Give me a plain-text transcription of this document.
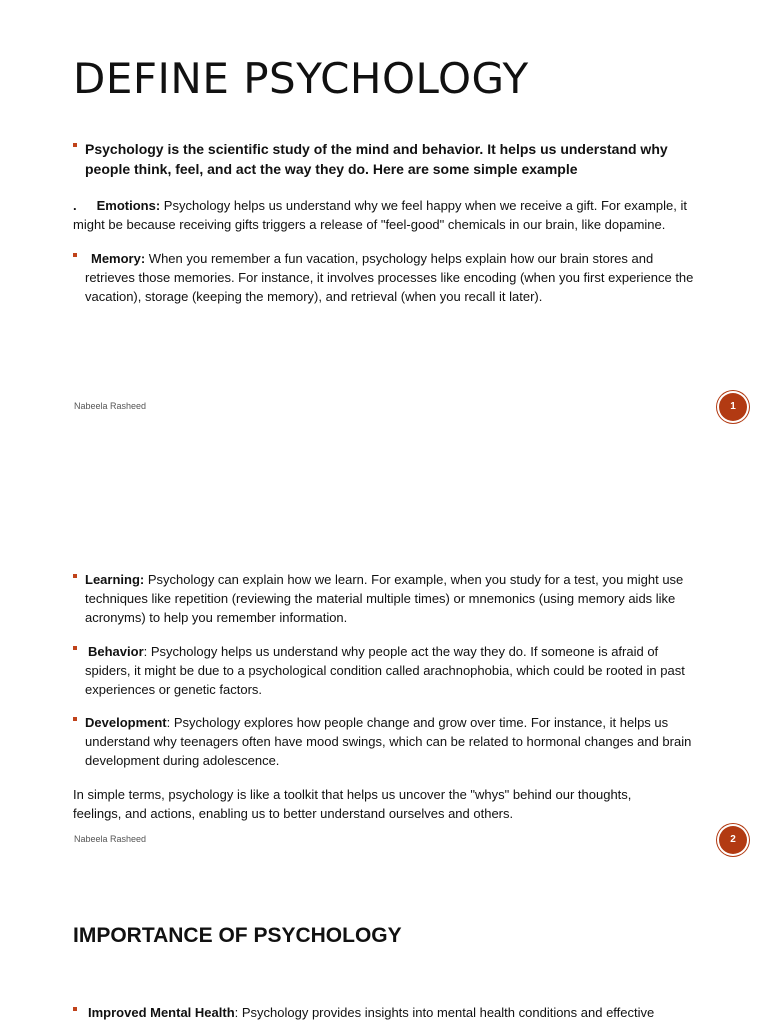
DEFINE PSYCHOLOGY

Psychology is the scientific study of the mind and behavior. It helps us understand why people think, feel, and act the way they do. Here are some simple example

. Emotions: Psychology helps us understand why we feel happy when we receive a gift. For example, it might be because receiving gifts triggers a release of "feel-good" chemicals in our brain, like dopamine.

Memory: When you remember a fun vacation, psychology helps explain how our brain stores and retrieves those memories. For instance, it involves processes like encoding (when you first experience the vacation), storage (keeping the memory), and retrieval (when you recall it later).

Nabeela Rasheed	1

Learning: Psychology can explain how we learn. For example, when you study for a test, you might use techniques like repetition (reviewing the material multiple times) or mnemonics (using memory aids like acronyms) to help you remember information.

Behavior: Psychology helps us understand why people act the way they do. If someone is afraid of spiders, it might be due to a psychological condition called arachnophobia, which could be rooted in past experiences or genetic factors.

Development: Psychology explores how people change and grow over time. For instance, it helps us understand why teenagers often have mood swings, which can be related to hormonal changes and brain development during adolescence.

In simple terms, psychology is like a toolkit that helps us uncover the "whys" behind our thoughts, feelings, and actions, enabling us to better understand ourselves and others.

Nabeela Rasheed	2
IMPORTANCE OF PSYCHOLOGY

Improved Mental Health: Psychology provides insights into mental health conditions and effective
